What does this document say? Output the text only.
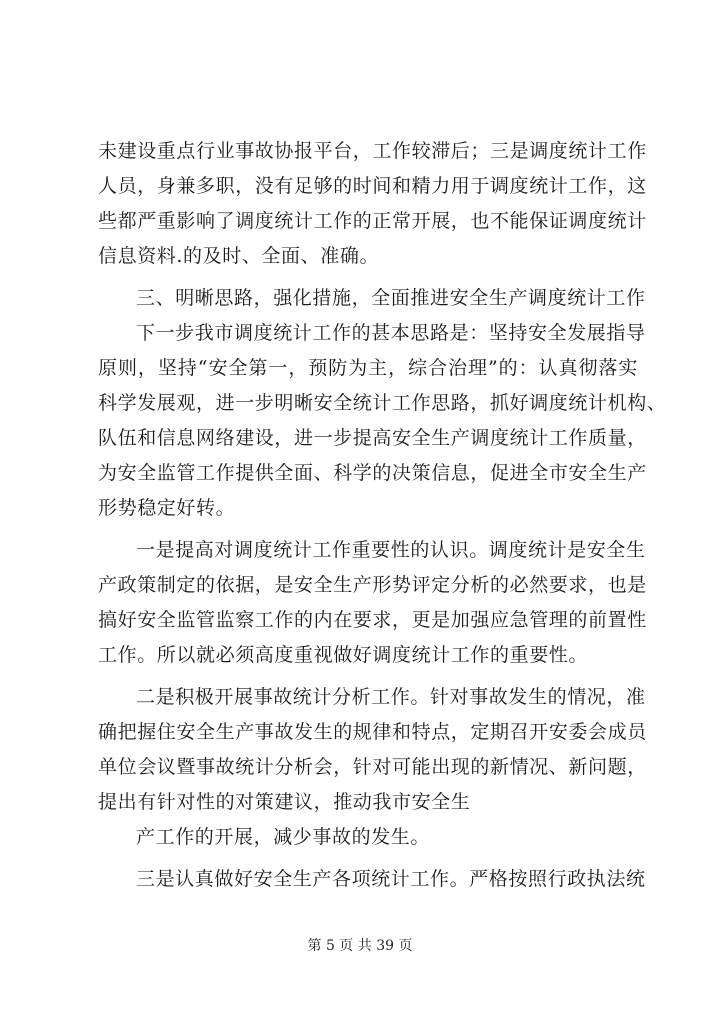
未建设重点行业事故协报平台，工作较滞后；三是调度统计工作
人员，身兼多职，没有足够的时间和精力用于调度统计工作，这
些都严重影响了调度统计工作的正常开展，也不能保证调度统计
信息资料.的及时、全面、准确。
三、明晰思路，强化措施，全面推进安全生产调度统计工作
下一步我市调度统计工作的甚本思路是：坚持安全发展指导
原则，坚持“安全第一，预防为主，综合治理”的：认真彻落实
科学发展观，进一步明晰安全统计工作思路，抓好调度统计机构、
队伍和信息网络建设，进一步提高安全生产调度统计工作质量，
为安全监管工作提供全面、科学的决策信息，促进全市安全生产
形势稳定好转。
一是提高对调度统计工作重要性的认识。调度统计是安全生
产政策制定的依据，是安全生产形势评定分析的必然要求，也是
搞好安全监管监察工作的内在要求，更是加强应急管理的前置性
工作。所以就必须高度重视做好调度统计工作的重要性。
二是积极开展事故统计分析工作。针对事故发生的情况，准
确把握住安全生产事故发生的规律和特点，定期召开安委会成员
单位会议暨事故统计分析会，针对可能出现的新情况、新问题，
提出有针对性的对策建议，推动我市安全生
产工作的开展，减少事故的发生。
三是认真做好安全生产各项统计工作。严格按照行政执法统
第 5 页 共 39 页
